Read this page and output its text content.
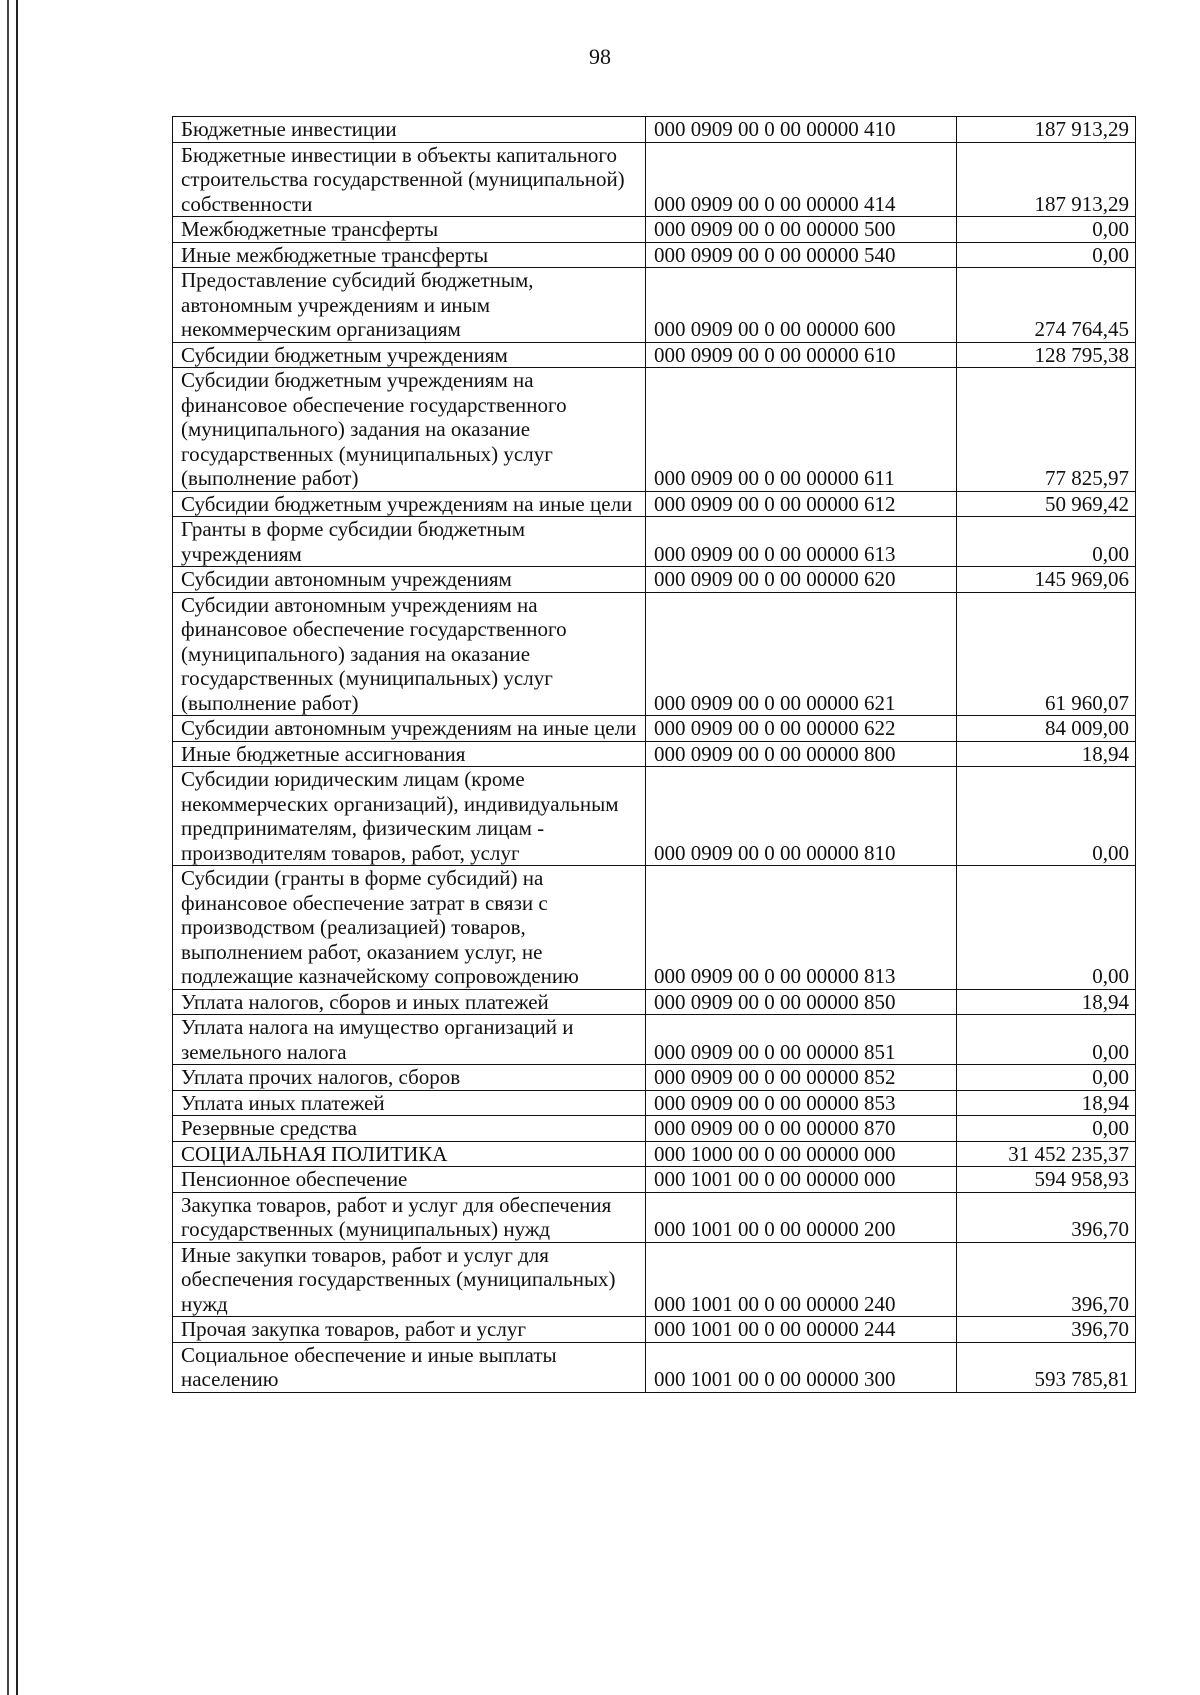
98
Бюджетные инвестиции	000 0909 00 0 00 00000 410	187 913,29
Бюджетные инвестиции в объекты капитального строительства государственной (муниципальной) собственности	000 0909 00 0 00 00000 414	187 913,29
Межбюджетные трансферты	000 0909 00 0 00 00000 500	0,00
Иные межбюджетные трансферты	000 0909 00 0 00 00000 540	0,00
Предоставление субсидий бюджетным, автономным учреждениям и иным некоммерческим организациям	000 0909 00 0 00 00000 600	274 764,45
Субсидии бюджетным учреждениям	000 0909 00 0 00 00000 610	128 795,38
Субсидии бюджетным учреждениям на финансовое обеспечение государственного (муниципального) задания на оказание государственных (муниципальных) услуг (выполнение работ)	000 0909 00 0 00 00000 611	77 825,97
Субсидии бюджетным учреждениям на иные цели	000 0909 00 0 00 00000 612	50 969,42
Гранты в форме субсидии бюджетным учреждениям	000 0909 00 0 00 00000 613	0,00
Субсидии автономным учреждениям	000 0909 00 0 00 00000 620	145 969,06
Субсидии автономным учреждениям на финансовое обеспечение государственного (муниципального) задания на оказание государственных (муниципальных) услуг (выполнение работ)	000 0909 00 0 00 00000 621	61 960,07
Субсидии автономным учреждениям на иные цели	000 0909 00 0 00 00000 622	84 009,00
Иные бюджетные ассигнования	000 0909 00 0 00 00000 800	18,94
Субсидии юридическим лицам (кроме некоммерческих организаций), индивидуальным предпринимателям, физическим лицам - производителям товаров, работ, услуг	000 0909 00 0 00 00000 810	0,00
Субсидии (гранты в форме субсидий) на финансовое обеспечение затрат в связи с производством (реализацией) товаров, выполнением работ, оказанием услуг, не подлежащие казначейскому сопровождению	000 0909 00 0 00 00000 813	0,00
Уплата налогов, сборов и иных платежей	000 0909 00 0 00 00000 850	18,94
Уплата налога на имущество организаций и земельного налога	000 0909 00 0 00 00000 851	0,00
Уплата прочих налогов, сборов	000 0909 00 0 00 00000 852	0,00
Уплата иных платежей	000 0909 00 0 00 00000 853	18,94
Резервные средства	000 0909 00 0 00 00000 870	0,00
СОЦИАЛЬНАЯ ПОЛИТИКА	000 1000 00 0 00 00000 000	31 452 235,37
Пенсионное обеспечение	000 1001 00 0 00 00000 000	594 958,93
Закупка товаров, работ и услуг для обеспечения государственных (муниципальных) нужд	000 1001 00 0 00 00000 200	396,70
Иные закупки товаров, работ и услуг для обеспечения государственных (муниципальных) нужд	000 1001 00 0 00 00000 240	396,70
Прочая закупка товаров, работ и услуг	000 1001 00 0 00 00000 244	396,70
Социальное обеспечение и иные выплаты населению	000 1001 00 0 00 00000 300	593 785,81
